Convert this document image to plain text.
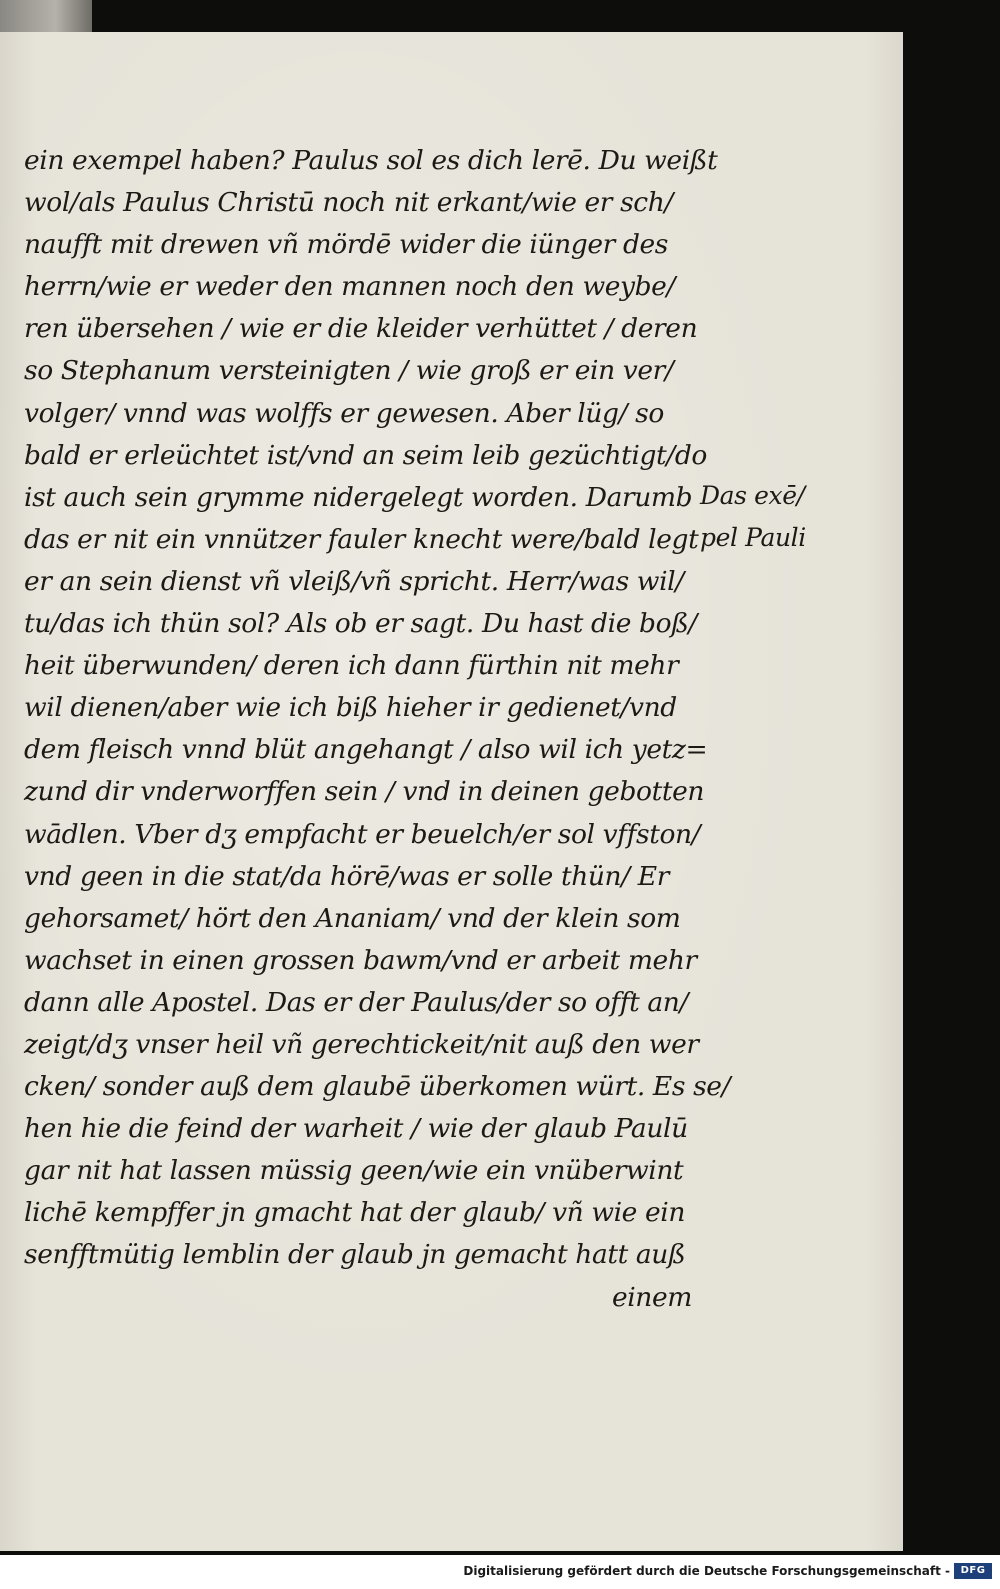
ein exempel haben? Paulus sol es dich lerē. Du weißt
wol/als Paulus Christū noch nit erkant/wie er sch/
naufft mit drewen vñ mördē wider die iünger des
herrn/wie er weder den mannen noch den weybe/
ren übersehen / wie er die kleider verhüttet / deren
so Stephanum versteinigten / wie groß er ein ver/
volger/ vnnd was wolffs er gewesen. Aber lüg/ so
bald er erleüchtet ist/vnd an seim leib gezüchtigt/do
ist auch sein grymme nidergelegt worden. Darumb
das er nit ein vnnützer fauler knecht were/bald legt
er an sein dienst vñ vleiß/vñ spricht. Herr/was wil/
tu/das ich thün sol? Als ob er sagt. Du hast die boß/
heit überwunden/ deren ich dann fürthin nit mehr
wil dienen/aber wie ich biß hieher ir gedienet/vnd
dem fleisch vnnd blüt angehangt / also wil ich yetz=
zund dir vnderworffen sein / vnd in deinen gebotten
wādlen. Vber dʒ empfacht er beuelch/er sol vffston/
vnd geen in die stat/da hörē/was er solle thün/ Er
gehorsamet/ hört den Ananiam/ vnd der klein som
wachset in einen grossen bawm/vnd er arbeit mehr
dann alle Apostel. Das er der Paulus/der so offt an/
zeigt/dʒ vnser heil vñ gerechtickeit/nit auß den wer
cken/ sonder auß dem glaubē überkomen würt. Es se/
hen hie die feind der warheit / wie der glaub Paulū
gar nit hat lassen müssig geen/wie ein vnüberwint
lichē kempffer jn gmacht hat der glaub/ vñ wie ein
senfftmütig lemblin der glaub jn gemacht hatt auß
einem
Das exē/
pel Pauli
Digitalisierung gefördert durch die Deutsche Forschungsgemeinschaft -	DFG
